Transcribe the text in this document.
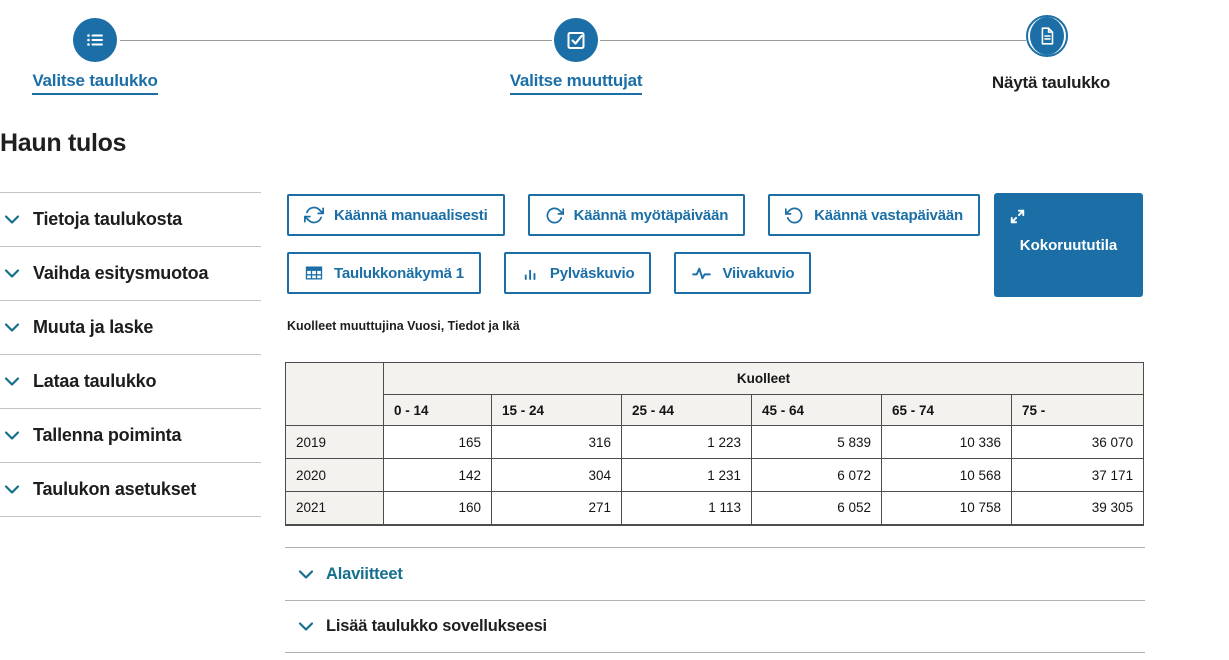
Valitse taulukko	Valitse muuttujat	Näytä taulukko
Haun tulos
Tietoja taulukosta
Vaihda esitysmuotoa
Muuta ja laske
Lataa taulukko
Tallenna poiminta
Taulukon asetukset
Käännä manuaalisesti	Käännä myötäpäivään	Käännä vastapäivään
Taulukkonäkymä 1	Pylväskuvio	Viivakuvio
Kokoruututila
Kuolleet muuttujina Vuosi, Tiedot ja Ikä
	Kuolleet					
	0 - 14	15 - 24	25 - 44	45 - 64	65 - 74	75 -
2019	165	316	1 223	5 839	10 336	36 070
2020	142	304	1 231	6 072	10 568	37 171
2021	160	271	1 113	6 052	10 758	39 305
Alaviitteet
Lisää taulukko sovellukseesi
